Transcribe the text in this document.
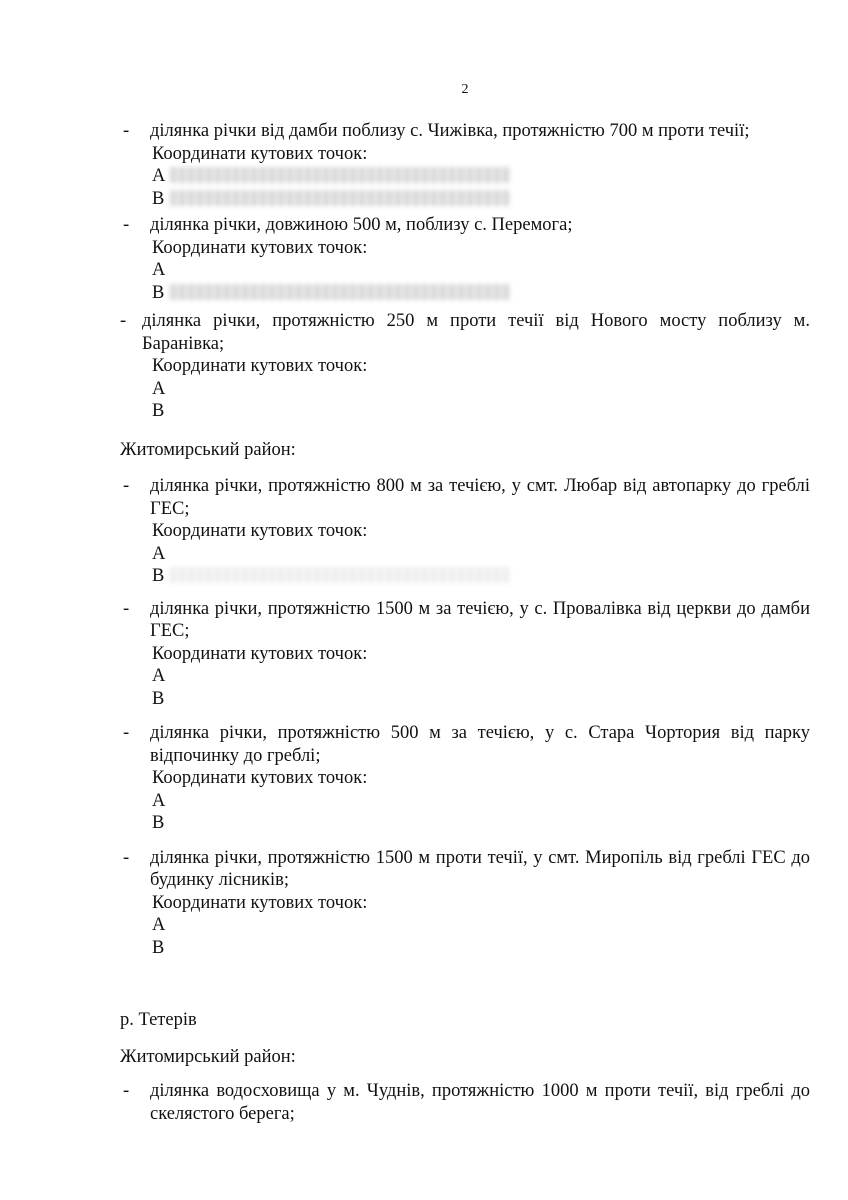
2
- ділянка річки від дамби поблизу с. Чижівка, протяжністю 700 м проти течії;
Координати кутових точок:
А
В
- ділянка річки, довжиною 500 м, поблизу с. Перемога;
Координати кутових точок:
А
В
- ділянка річки, протяжністю 250 м проти течії від Нового мосту поблизу м. Баранівка;
Координати кутових точок:
А
В
Житомирський район:
- ділянка річки, протяжністю 800 м за течією, у смт. Любар від автопарку до греблі ГЕС;
Координати кутових точок:
А
В
- ділянка річки, протяжністю 1500 м за течією, у с. Провалівка від церкви до дамби ГЕС;
Координати кутових точок:
А
В
- ділянка річки, протяжністю 500 м за течією, у с. Стара Чортория від парку відпочинку до греблі;
Координати кутових точок:
А
В
- ділянка річки, протяжністю 1500 м проти течії, у смт. Миропіль від греблі ГЕС до будинку лісників;
Координати кутових точок:
А
В
р. Тетерів
Житомирський район:
- ділянка водосховища у м. Чуднів, протяжністю 1000 м проти течії, від греблі до скелястого берега;
